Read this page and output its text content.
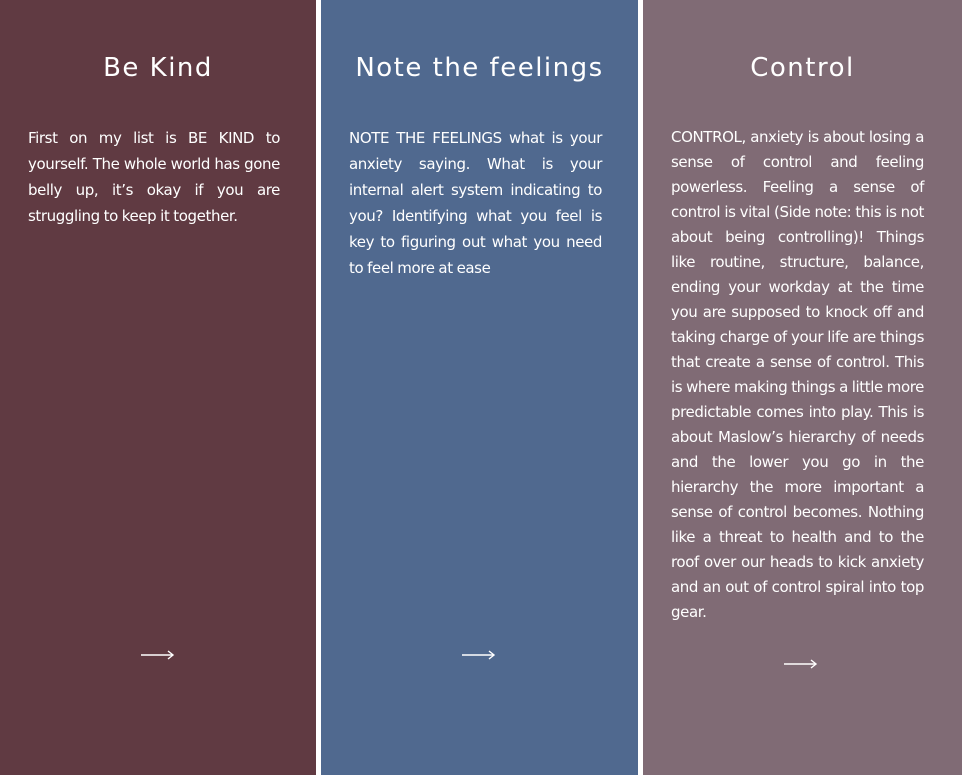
Be Kind

First on my list is BE KIND to yourself. The whole world has gone belly up, it’s okay if you are struggling to keep it together.

Note the feelings

NOTE THE FEELINGS what is your anxiety saying. What is your internal alert system indicating to you? Identifying what you feel is key to figuring out what you need to feel more at ease

Control

CONTROL, anxiety is about losing a sense of control and feeling powerless. Feeling a sense of control is vital (Side note: this is not about being controlling)! Things like routine, structure, balance, ending your workday at the time you are supposed to knock off and taking charge of your life are things that create a sense of control. This is where making things a little more predictable comes into play. This is about Maslow’s hierarchy of needs and the lower you go in the hierarchy the more important a sense of control becomes. Nothing like a threat to health and to the roof over our heads to kick anxiety and an out of control spiral into top gear.
